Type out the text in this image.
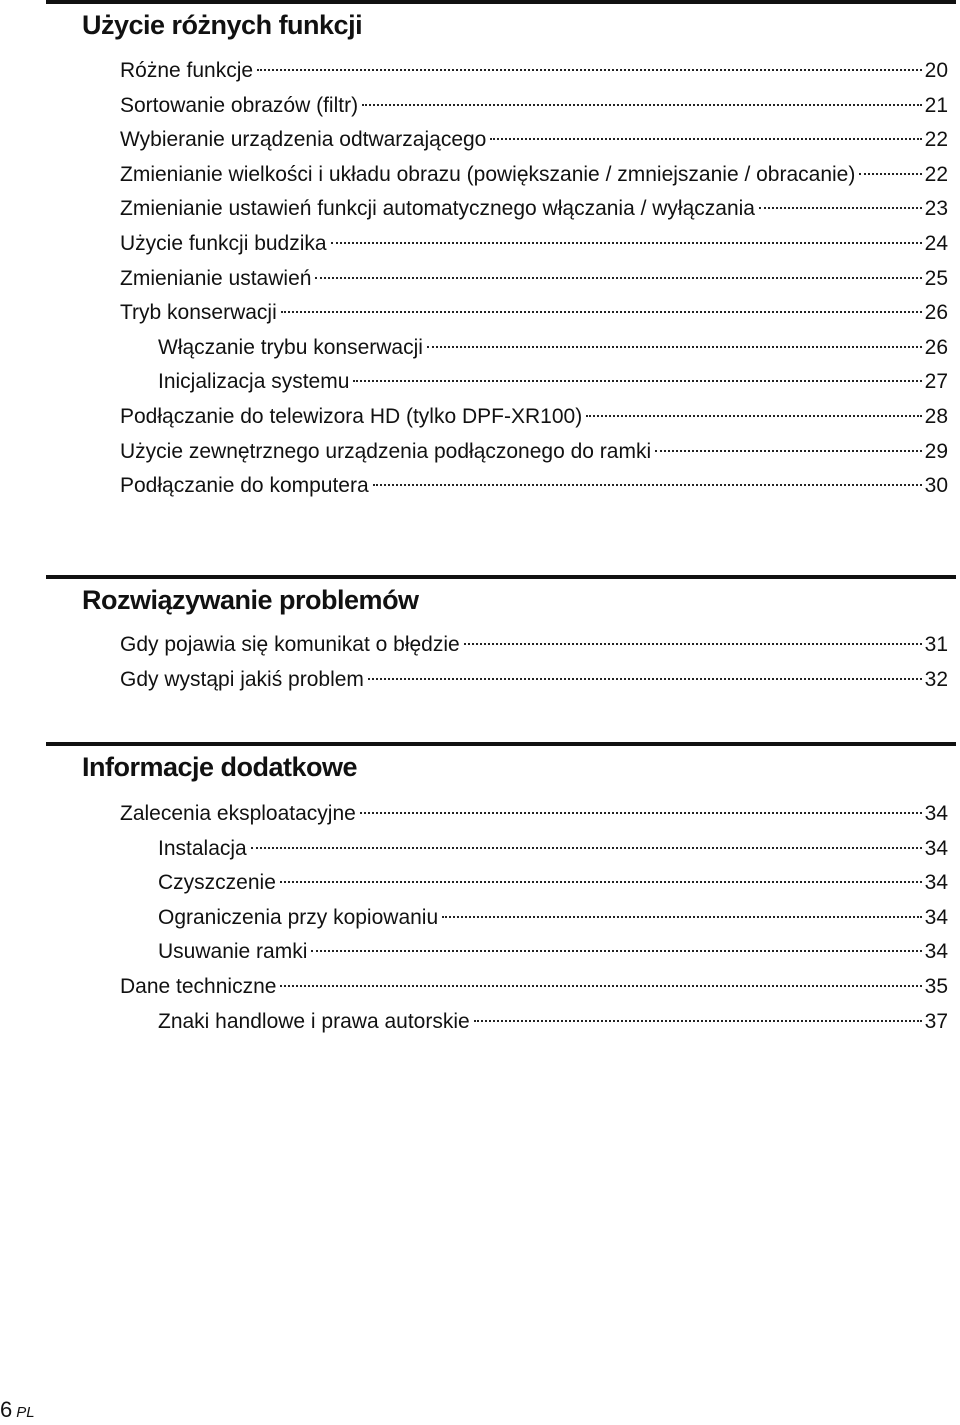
Użycie różnych funkcji
Różne funkcje	20
Sortowanie obrazów (filtr)	21
Wybieranie urządzenia odtwarzającego	22
Zmienianie wielkości i układu obrazu (powiększanie / zmniejszanie / obracanie)	22
Zmienianie ustawień funkcji automatycznego włączania / wyłączania	23
Użycie funkcji budzika	24
Zmienianie ustawień	25
Tryb konserwacji	26
Włączanie trybu konserwacji	26
Inicjalizacja systemu	27
Podłączanie do telewizora HD (tylko DPF-XR100)	28
Użycie zewnętrznego urządzenia podłączonego do ramki	29
Podłączanie do komputera	30
Rozwiązywanie problemów
Gdy pojawia się komunikat o błędzie	31
Gdy wystąpi jakiś problem	32
Informacje dodatkowe
Zalecenia eksploatacyjne	34
Instalacja	34
Czyszczenie	34
Ograniczenia przy kopiowaniu	34
Usuwanie ramki	34
Dane techniczne	35
Znaki handlowe i prawa autorskie	37
6 PL
